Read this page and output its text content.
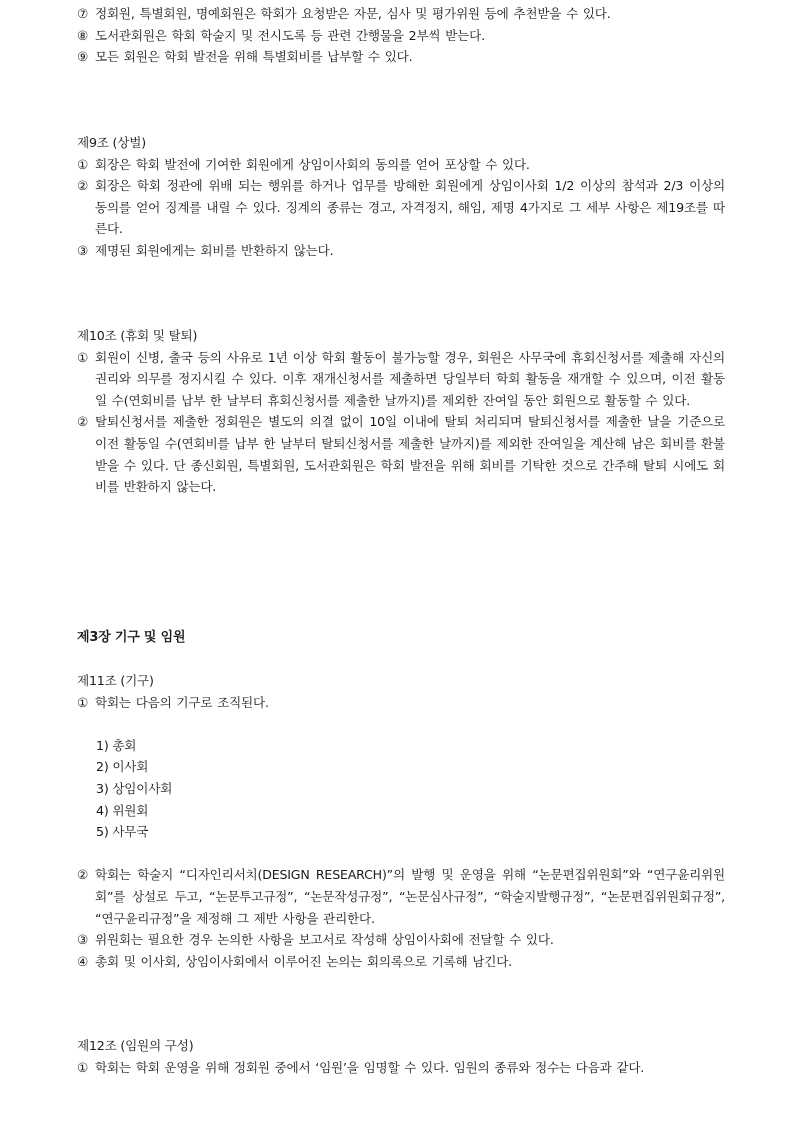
⑦ 정회원, 특별회원, 명예회원은 학회가 요청받은 자문, 심사 및 평가위원 등에 추천받을 수 있다.
⑧ 도서관회원은 학회 학술지 및 전시도록 등 관련 간행물을 2부씩 받는다.
⑨ 모든 회원은 학회 발전을 위해 특별회비를 납부할 수 있다.
제9조 (상벌)
① 회장은 학회 발전에 기여한 회원에게 상임이사회의 동의를 얻어 포상할 수 있다.
② 회장은 학회 정관에 위배 되는 행위를 하거나 업무를 방해한 회원에게 상임이사회 1/2 이상의 참석과 2/3 이상의 동의를 얻어 징계를 내릴 수 있다. 징계의 종류는 경고, 자격정지, 해임, 제명 4가지로 그 세부 사항은 제19조를 따른다.
③ 제명된 회원에게는 회비를 반환하지 않는다.
제10조 (휴회 및 탈퇴)
① 회원이 신병, 출국 등의 사유로 1년 이상 학회 활동이 불가능할 경우, 회원은 사무국에 휴회신청서를 제출해 자신의 권리와 의무를 정지시킬 수 있다. 이후 재개신청서를 제출하면 당일부터 학회 활동을 재개할 수 있으며, 이전 활동일 수(연회비를 납부 한 날부터 휴회신청서를 제출한 날까지)를 제외한 잔여일 동안 회원으로 활동할 수 있다.
② 탈퇴신청서를 제출한 정회원은 별도의 의결 없이 10일 이내에 탈퇴 처리되며 탈퇴신청서를 제출한 날을 기준으로 이전 활동일 수(연회비를 납부 한 날부터 탈퇴신청서를 제출한 날까지)를 제외한 잔여일을 계산해 남은 회비를 환불받을 수 있다. 단 종신회원, 특별회원, 도서관회원은 학회 발전을 위해 회비를 기탁한 것으로 간주해 탈퇴 시에도 회비를 반환하지 않는다.
제3장 기구 및 임원
제11조 (기구)
① 학회는 다음의 기구로 조직된다.
1) 총회
2) 이사회
3) 상임이사회
4) 위원회
5) 사무국
② 학회는 학술지 “디자인리서치(DESIGN RESEARCH)”의 발행 및 운영을 위해 “논문편집위원회”와 “연구윤리위원회”를 상설로 두고, “논문투고규정”, “논문작성규정”, “논문심사규정”, “학술지발행규정”, “논문편집위원회규정”, “연구윤리규정”을 제정해 그 제반 사항을 관리한다.
③ 위원회는 필요한 경우 논의한 사항을 보고서로 작성해 상임이사회에 전달할 수 있다.
④ 총회 및 이사회, 상임이사회에서 이루어진 논의는 회의록으로 기록해 남긴다.
제12조 (임원의 구성)
① 학회는 학회 운영을 위해 정회원 중에서 ‘임원’을 임명할 수 있다. 임원의 종류와 정수는 다음과 같다.
